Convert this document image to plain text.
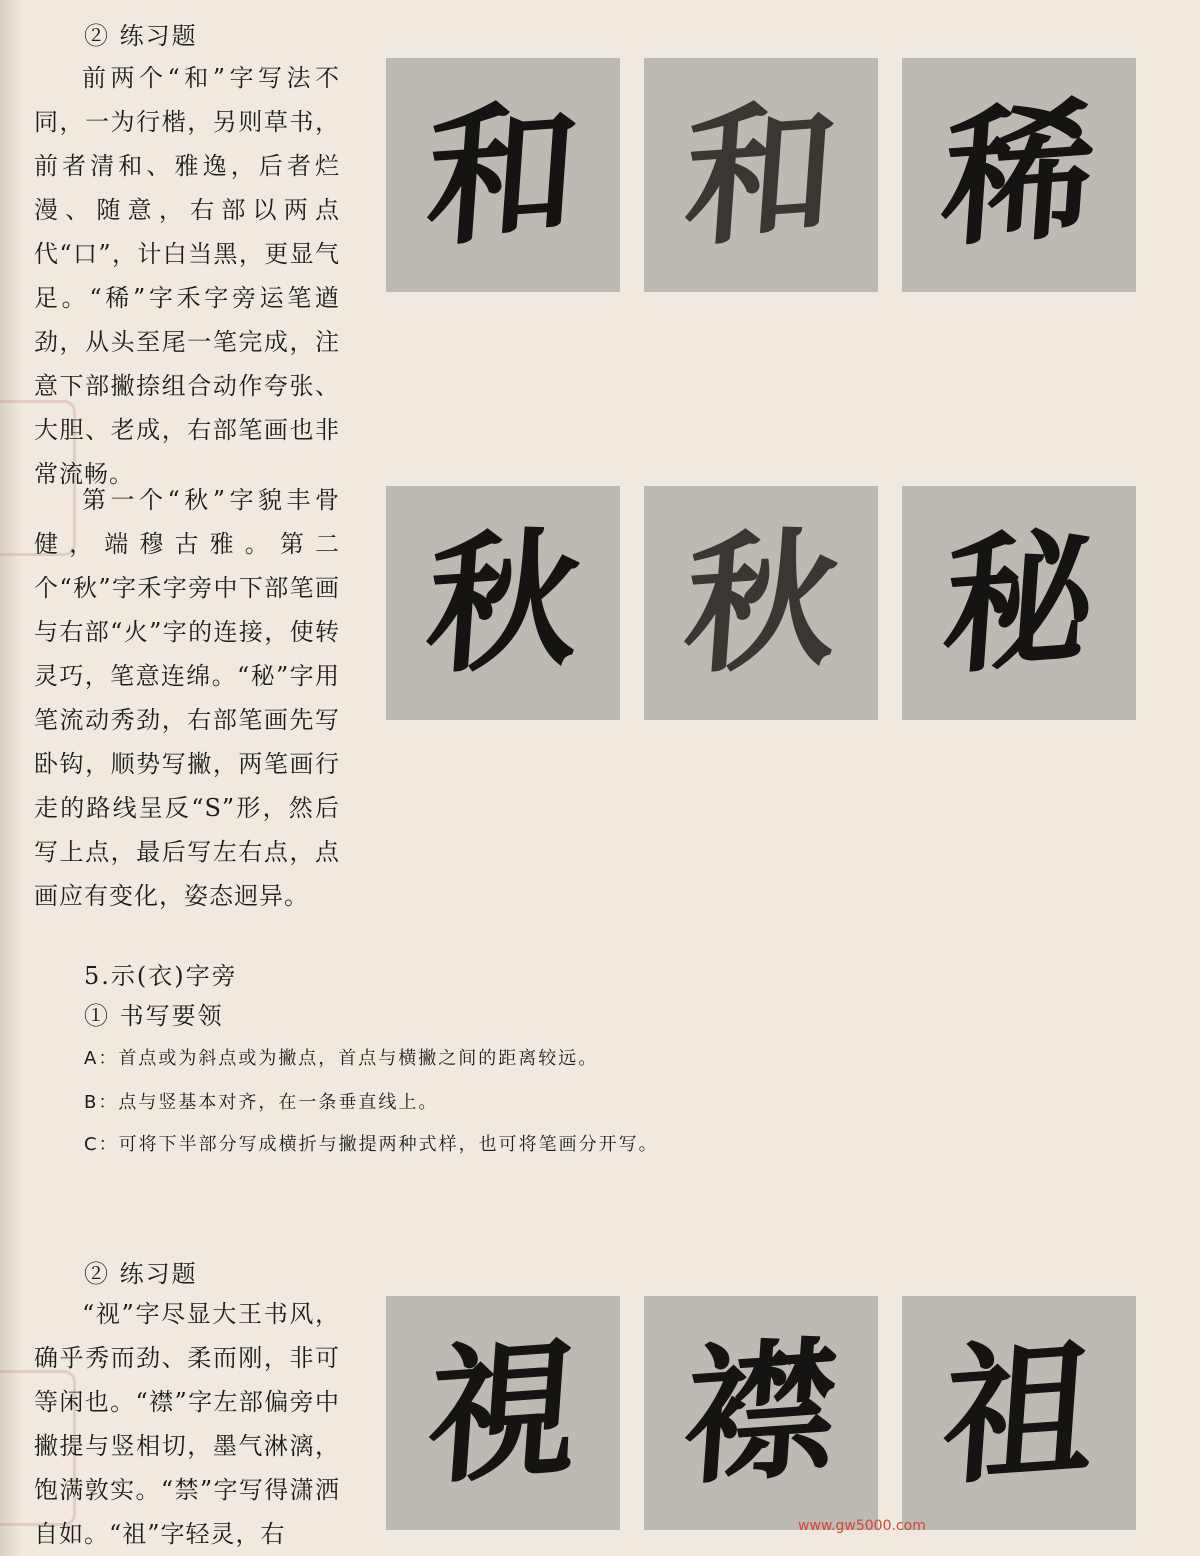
② 练习题

前两个“和”字写法不同，一为行楷，另则草书，前者清和、雅逸，后者烂漫、随意，右部以两点代“口”，计白当黑，更显气足。“稀”字禾字旁运笔遒劲，从头至尾一笔完成，注意下部撇捺组合动作夸张、大胆、老成，右部笔画也非常流畅。

第一个“秋”字貌丰骨健，端穆古雅。第二个“秋”字禾字旁中下部笔画与右部“火”字的连接，使转灵巧，笔意连绵。“秘”字用笔流动秀劲，右部笔画先写卧钩，顺势写撇，两笔画行走的路线呈反“S”形，然后写上点，最后写左右点，点画应有变化，姿态迥异。

和 和 稀
秋 秋 秘
5.示(衣)字旁
① 书写要领
A：首点或为斜点或为撇点，首点与横撇之间的距离较远。
B：点与竖基本对齐，在一条垂直线上。
C：可将下半部分写成横折与撇提两种式样，也可将笔画分开写。
② 练习题

“视”字尽显大王书风，确乎秀而劲、柔而刚，非可等闲也。“襟”字左部偏旁中撇提与竖相切，墨气淋漓，饱满敦实。“禁”字写得潇洒自如。“祖”字轻灵，右

視 襟 祖
www.gw5000.com
